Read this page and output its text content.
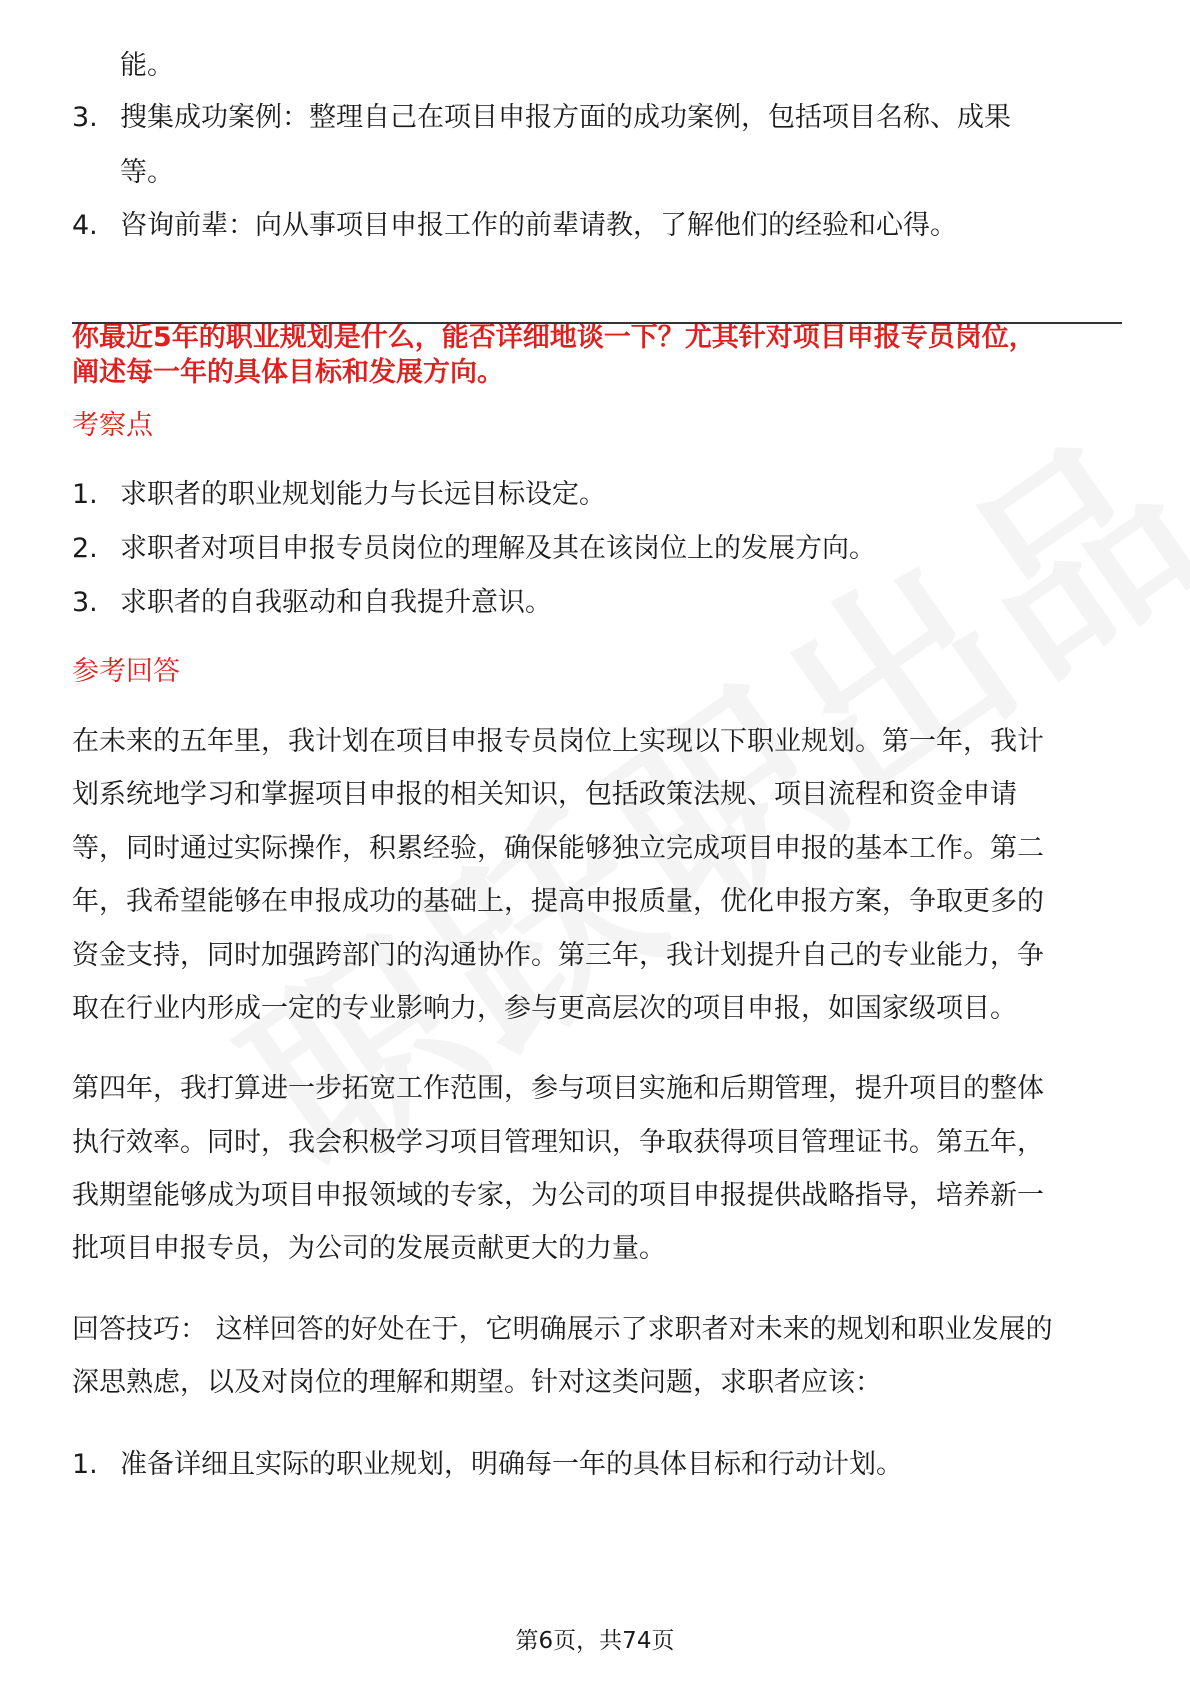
能。
3. 搜集成功案例：整理自己在项目申报方面的成功案例，包括项目名称、成果
等。
4. 咨询前辈：向从事项目申报工作的前辈请教，了解他们的经验和心得。
你最近5年的职业规划是什么，能否详细地谈一下？尤其针对项目申报专员岗位，
阐述每一年的具体目标和发展方向。
考察点
1. 求职者的职业规划能力与长远目标设定。
2. 求职者对项目申报专员岗位的理解及其在该岗位上的发展方向。
3. 求职者的自我驱动和自我提升意识。
参考回答
在未来的五年里，我计划在项目申报专员岗位上实现以下职业规划。第一年，我计
划系统地学习和掌握项目申报的相关知识，包括政策法规、项目流程和资金申请
等，同时通过实际操作，积累经验，确保能够独立完成项目申报的基本工作。第二
年，我希望能够在申报成功的基础上，提高申报质量，优化申报方案，争取更多的
资金支持，同时加强跨部门的沟通协作。第三年，我计划提升自己的专业能力，争
取在行业内形成一定的专业影响力，参与更高层次的项目申报，如国家级项目。
第四年，我打算进一步拓宽工作范围，参与项目实施和后期管理，提升项目的整体
执行效率。同时，我会积极学习项目管理知识，争取获得项目管理证书。第五年，
我期望能够成为项目申报领域的专家，为公司的项目申报提供战略指导，培养新一
批项目申报专员，为公司的发展贡献更大的力量。
回答技巧： 这样回答的好处在于，它明确展示了求职者对未来的规划和职业发展的
深思熟虑，以及对岗位的理解和期望。针对这类问题，求职者应该：
1. 准备详细且实际的职业规划，明确每一年的具体目标和行动计划。
第6页，共74页
